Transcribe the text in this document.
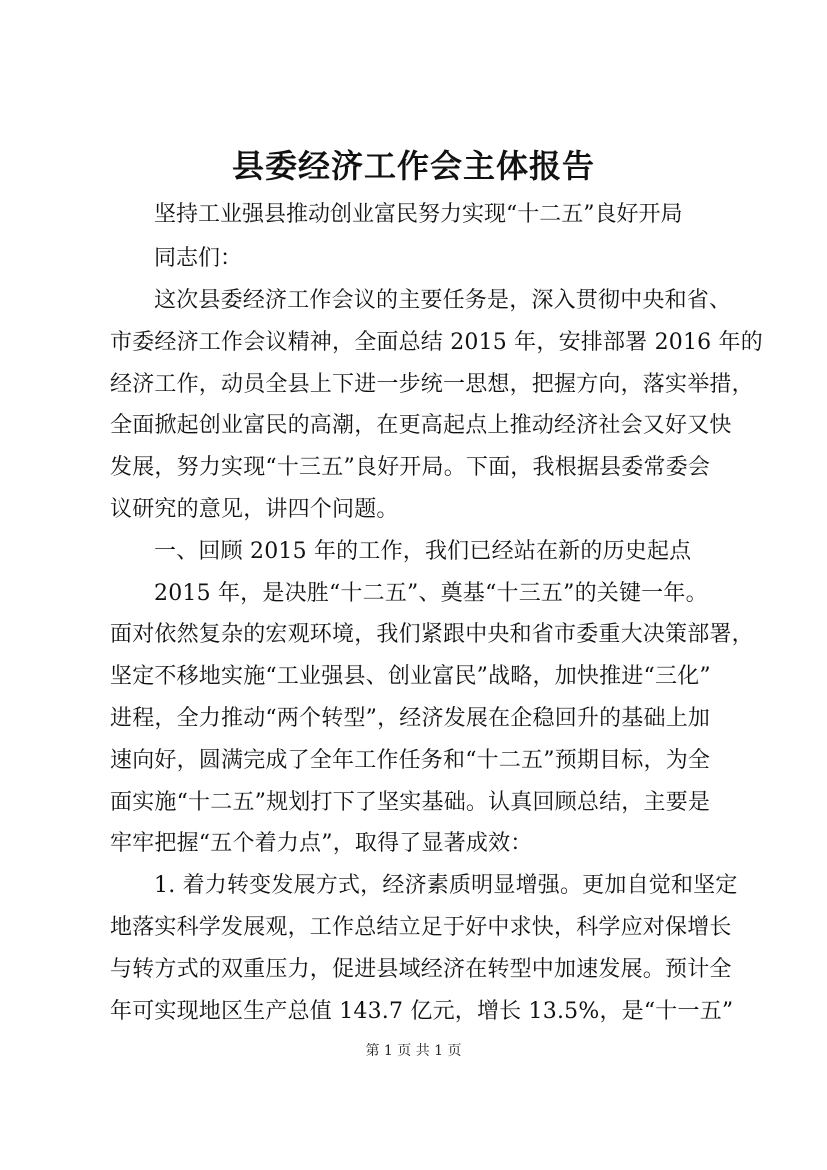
县委经济工作会主体报告
坚持工业强县推动创业富民努力实现“十二五”良好开局
同志们：
这次县委经济工作会议的主要任务是，深入贯彻中央和省、
市委经济工作会议精神，全面总结 2015 年，安排部署 2016 年的
经济工作，动员全县上下进一步统一思想，把握方向，落实举措，
全面掀起创业富民的高潮，在更高起点上推动经济社会又好又快
发展，努力实现“十三五”良好开局。下面，我根据县委常委会
议研究的意见，讲四个问题。
一、回顾 2015 年的工作，我们已经站在新的历史起点
2015 年，是决胜“十二五”、奠基“十三五”的关键一年。
面对依然复杂的宏观环境，我们紧跟中央和省市委重大决策部署，
坚定不移地实施“工业强县、创业富民”战略，加快推进“三化”
进程，全力推动“两个转型”，经济发展在企稳回升的基础上加
速向好，圆满完成了全年工作任务和“十二五”预期目标，为全
面实施“十二五”规划打下了坚实基础。认真回顾总结，主要是
牢牢把握“五个着力点”，取得了显著成效：
1. 着力转变发展方式，经济素质明显增强。更加自觉和坚定
地落实科学发展观，工作总结立足于好中求快，科学应对保增长
与转方式的双重压力，促进县域经济在转型中加速发展。预计全
年可实现地区生产总值 143.7 亿元，增长 13.5%，是“十一五”
第 1 页 共 1 页
